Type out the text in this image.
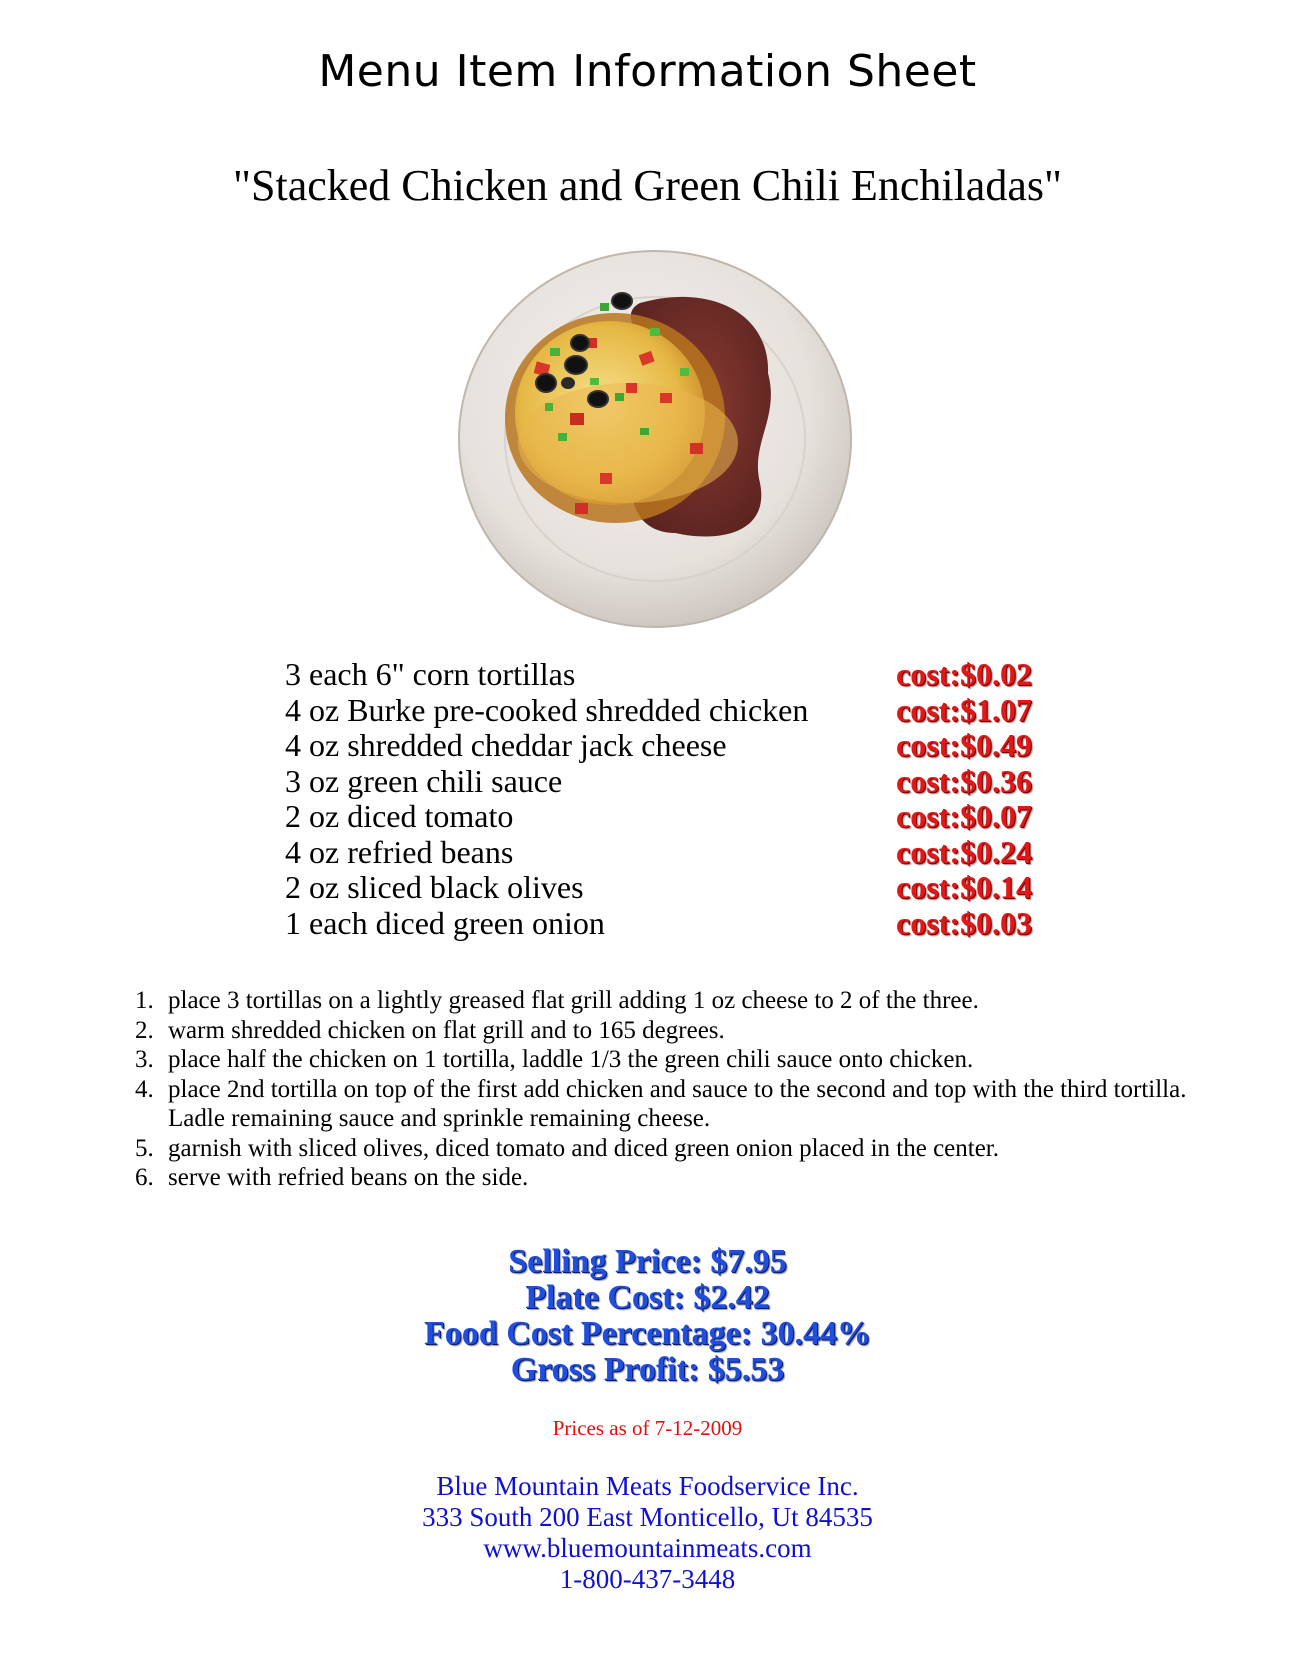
Menu Item Information Sheet
"Stacked Chicken and Green Chili Enchiladas"
3 each 6" corn tortillas	cost:$0.02
4 oz Burke pre-cooked shredded chicken	cost:$1.07
4 oz shredded cheddar jack cheese	cost:$0.49
3 oz green chili sauce	cost:$0.36
2 oz diced tomato	cost:$0.07
4 oz refried beans	cost:$0.24
2 oz sliced black olives	cost:$0.14
1 each diced green onion	cost:$0.03
1. place 3 tortillas on a lightly greased flat grill adding 1 oz cheese to 2 of the three.
2. warm shredded chicken on flat grill and to 165 degrees.
3. place half the chicken on 1 tortilla, laddle 1/3 the green chili sauce onto chicken.
4. place 2nd tortilla on top of the first add chicken and sauce to the second and top with the third tortilla. Ladle remaining sauce and sprinkle remaining cheese.
5. garnish with sliced olives, diced tomato and diced green onion placed in the center.
6. serve with refried beans on the side.
Selling Price: $7.95
Plate Cost: $2.42
Food Cost Percentage: 30.44%
Gross Profit: $5.53
Prices as of 7-12-2009
Blue Mountain Meats Foodservice Inc.
333 South 200 East Monticello, Ut 84535
www.bluemountainmeats.com
1-800-437-3448
